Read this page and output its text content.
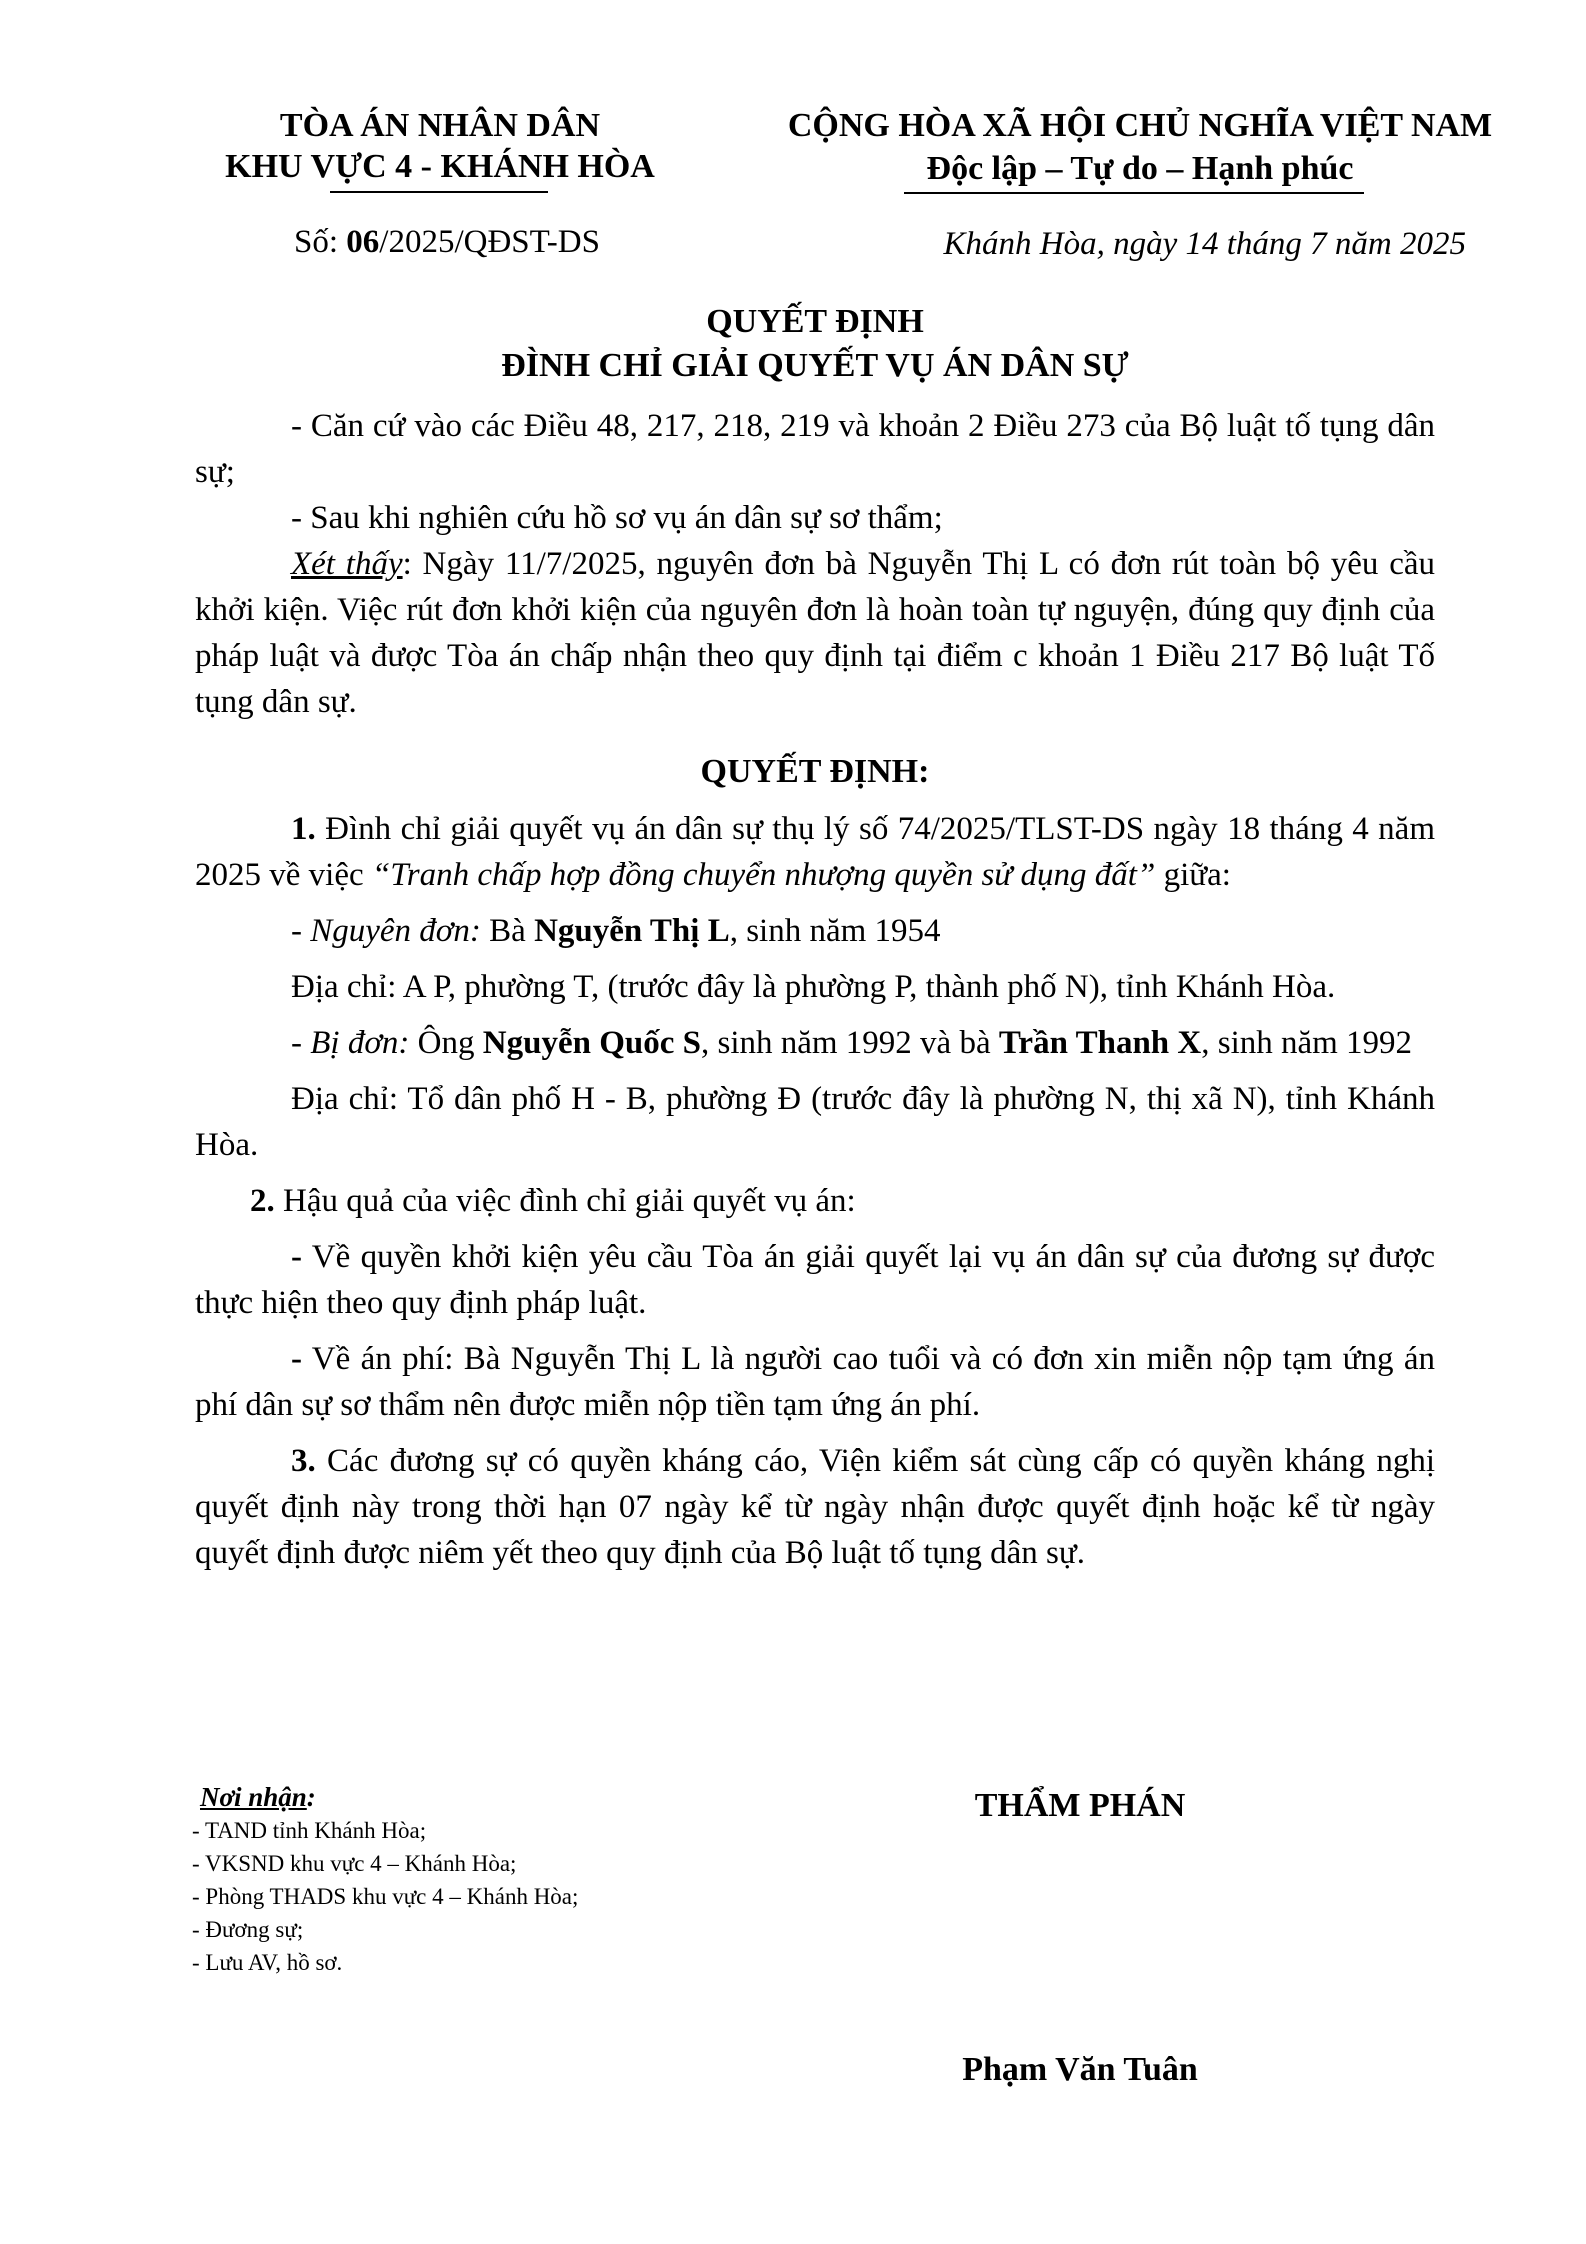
TÒA ÁN NHÂN DÂN
KHU VỰC 4 - KHÁNH HÒA
CỘNG HÒA XÃ HỘI CHỦ NGHĨA VIỆT NAM
Độc lập – Tự do – Hạnh phúc
Số: 06/2025/QĐST-DS	Khánh Hòa, ngày 14 tháng 7 năm 2025
QUYẾT ĐỊNH
ĐÌNH CHỈ GIẢI QUYẾT VỤ ÁN DÂN SỰ

- Căn cứ vào các Điều 48, 217, 218, 219 và khoản 2 Điều 273 của Bộ luật tố tụng dân sự;

- Sau khi nghiên cứu hồ sơ vụ án dân sự sơ thẩm;

Xét thấy: Ngày 11/7/2025, nguyên đơn bà Nguyễn Thị L có đơn rút toàn bộ yêu cầu khởi kiện. Việc rút đơn khởi kiện của nguyên đơn là hoàn toàn tự nguyện, đúng quy định của pháp luật và được Tòa án chấp nhận theo quy định tại điểm c khoản 1 Điều 217 Bộ luật Tố tụng dân sự.

QUYẾT ĐỊNH:

1. Đình chỉ giải quyết vụ án dân sự thụ lý số 74/2025/TLST-DS ngày 18 tháng 4 năm 2025 về việc “Tranh chấp hợp đồng chuyển nhượng quyền sử dụng đất” giữa:

- Nguyên đơn: Bà Nguyễn Thị L, sinh năm 1954

Địa chỉ: A P, phường T, (trước đây là phường P, thành phố N), tỉnh Khánh Hòa.

- Bị đơn: Ông Nguyễn Quốc S, sinh năm 1992 và bà Trần Thanh X, sinh năm 1992

Địa chỉ: Tổ dân phố H - B, phường Đ (trước đây là phường N, thị xã N), tỉnh Khánh Hòa.

2. Hậu quả của việc đình chỉ giải quyết vụ án:

- Về quyền khởi kiện yêu cầu Tòa án giải quyết lại vụ án dân sự của đương sự được thực hiện theo quy định pháp luật.

- Về án phí: Bà Nguyễn Thị L là người cao tuổi và có đơn xin miễn nộp tạm ứng án phí dân sự sơ thẩm nên được miễn nộp tiền tạm ứng án phí.

3. Các đương sự có quyền kháng cáo, Viện kiểm sát cùng cấp có quyền kháng nghị quyết định này trong thời hạn 07 ngày kể từ ngày nhận được quyết định hoặc kể từ ngày quyết định được niêm yết theo quy định của Bộ luật tố tụng dân sự.

Nơi nhận:
- TAND tỉnh Khánh Hòa;
- VKSND khu vực 4 – Khánh Hòa;
- Phòng THADS khu vực 4 – Khánh Hòa;
- Đương sự;
- Lưu AV, hồ sơ.
THẨM PHÁN
Phạm Văn Tuân
